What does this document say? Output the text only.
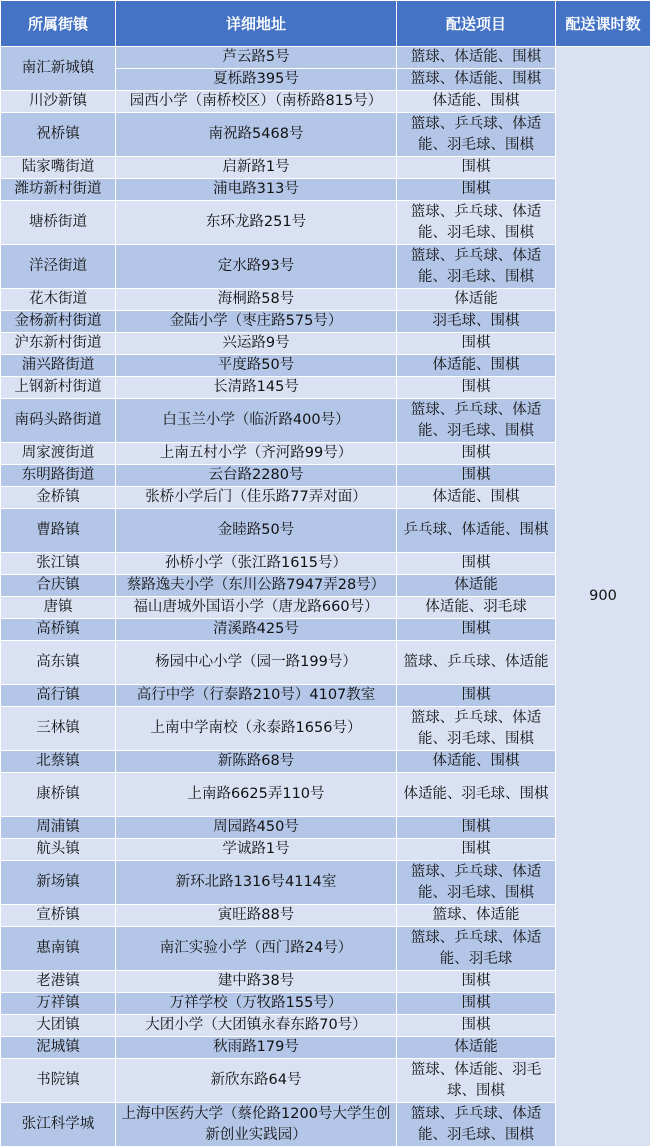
所属街镇	详细地址	配送项目	配送课时数
南汇新城镇	芦云路5号	篮球、体适能、围棋	900
	夏栎路395号	篮球、体适能、围棋	
川沙新镇	园西小学（南桥校区）（南桥路815号）	体适能、围棋	
祝桥镇	南祝路5468号	篮球、乒乓球、体适能、羽毛球、围棋	
陆家嘴街道	启新路1号	围棋	
潍坊新村街道	浦电路313号	围棋	
塘桥街道	东环龙路251号	篮球、乒乓球、体适能、羽毛球、围棋	
洋泾街道	定水路93号	篮球、乒乓球、体适能、羽毛球、围棋	
花木街道	海桐路58号	体适能	
金杨新村街道	金陆小学（枣庄路575号）	羽毛球、围棋	
沪东新村街道	兴运路9号	围棋	
浦兴路街道	平度路50号	体适能、围棋	
上钢新村街道	长清路145号	围棋	
南码头路街道	白玉兰小学（临沂路400号）	篮球、乒乓球、体适能、羽毛球、围棋	
周家渡街道	上南五村小学（齐河路99号）	围棋	
东明路街道	云台路2280号	围棋	
金桥镇	张桥小学后门（佳乐路77弄对面）	体适能、围棋	
曹路镇	金睦路50号	乒乓球、体适能、围棋	
张江镇	孙桥小学（张江路1615号）	围棋	
合庆镇	蔡路逸夫小学（东川公路7947弄28号）	体适能	
唐镇	福山唐城外国语小学（唐龙路660号）	体适能、羽毛球	
高桥镇	清溪路425号	围棋	
高东镇	杨园中心小学（园一路199号）	篮球、乒乓球、体适能	
高行镇	高行中学（行泰路210号）4107教室	围棋	
三林镇	上南中学南校（永泰路1656号）	篮球、乒乓球、体适能、羽毛球、围棋	
北蔡镇	新陈路68号	体适能、围棋	
康桥镇	上南路6625弄110号	体适能、羽毛球、围棋	
周浦镇	周园路450号	围棋	
航头镇	学诚路1号	围棋	
新场镇	新环北路1316号4114室	篮球、乒乓球、体适能、羽毛球、围棋	
宣桥镇	寅旺路88号	篮球、体适能	
惠南镇	南汇实验小学（西门路24号）	篮球、乒乓球、体适能、羽毛球	
老港镇	建中路38号	围棋	
万祥镇	万祥学校（万牧路155号）	围棋	
大团镇	大团小学（大团镇永春东路70号）	围棋	
泥城镇	秋雨路179号	体适能	
书院镇	新欣东路64号	篮球、体适能、羽毛球、围棋	
张江科学城	上海中医药大学（蔡伦路1200号大学生创新创业实践园）	篮球、乒乓球、体适能、羽毛球、围棋	
